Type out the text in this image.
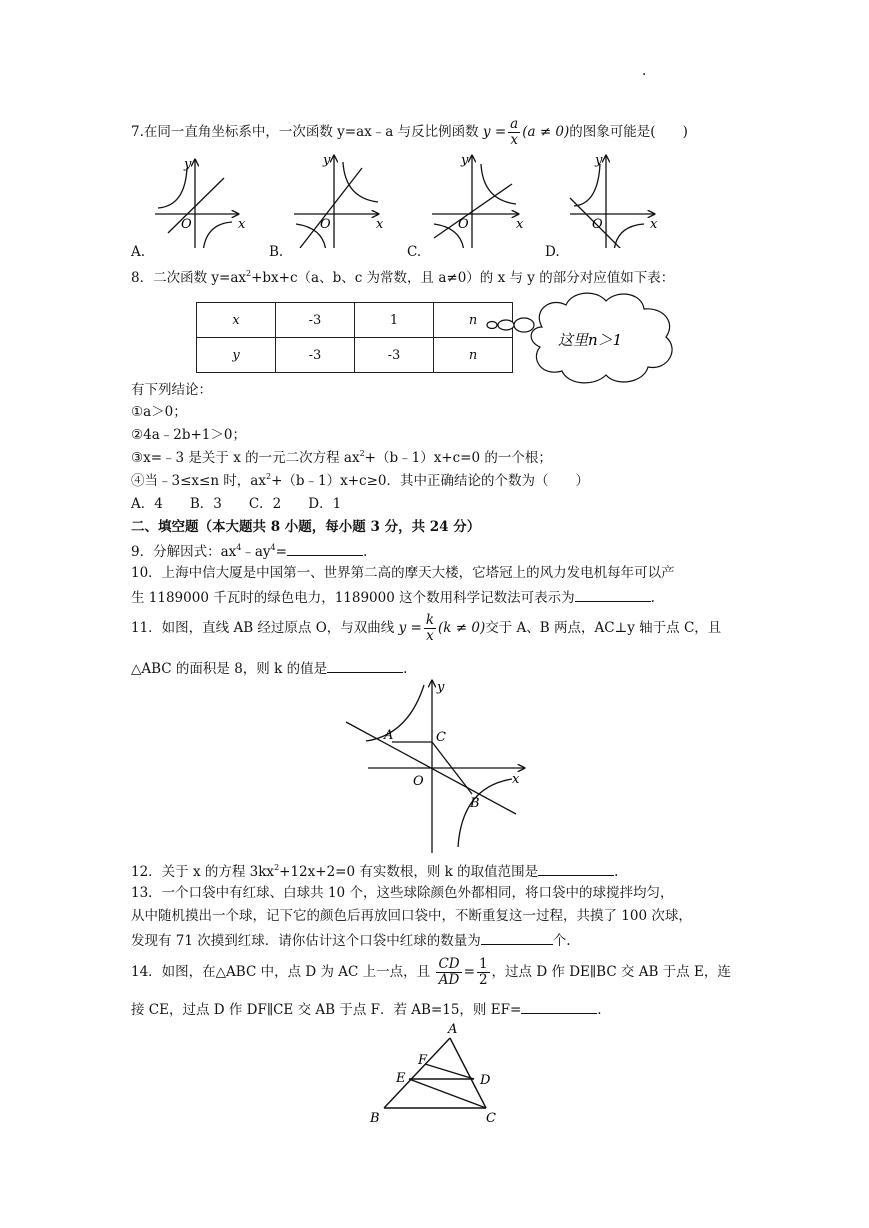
.
7.在同一直角坐标系中，一次函数 y=ax﹣a 与反比例函数 $y = \frac{a}{x} (a \ne 0)$的图象可能是(　　)
y
x
O
y
x
O
y
x
O
y
x
O
A.	B.	C.	D.
8．二次函数 $y=ax^2+bx+c(a$、b、c 为常数，且 a≠0）的 x 与 y 的部分对应值如下表：
x	-3	1	n
y	-3	-3	n
这里n＞1
有下列结论：
①a＞0；
②4a﹣2b+1＞0；
③x=﹣3 是关于 x 的一元二次方程 $ax^2+(b﹣1)x+c=0$ 的一个根；
④当﹣3≤x≤n 时，$ax^2+(b﹣1)x+c\ge 0$．其中正确结论的个数为（　　）
A．4　　B．3　　C．2　　D．1
二、填空题（本大题共 8 小题，每小题 3 分，共 24 分）
9．分解因式：$ax^4﹣ay^4=$	.
10．上海中信大厦是中国第一、世界第二高的摩天大楼，它塔冠上的风力发电机每年可以产
生 1189000 千瓦时的绿色电力，1189000 这个数用科学记数法可表示为	.
11．如图，直线 AB 经过原点 O，与双曲线 $y = \frac{k}{x} (k \ne 0)$交于 A、B 两点，AC⊥y 轴于点 C，且
△ABC 的面积是 8，则 k 的值是	.
y
x
O
A	C
B
12．关于 x 的方程 $3kx^2+12x+2=0$ 有实数根，则 k 的取值范围是	.
13．一个口袋中有红球、白球共 10 个，这些球除颜色外都相同，将口袋中的球搅拌均匀，
从中随机摸出一个球，记下它的颜色后再放回口袋中，不断重复这一过程，共摸了 100 次球，
发现有 71 次摸到红球．请你估计这个口袋中红球的数量为	个.
14．如图，在△ABC 中，点 D 为 AC 上一点，且 $\frac{CD}{AD} = \frac{1}{2}$ ，过点 D 作 DE∥BC 交 AB 于点 E，连
接 CE，过点 D 作 DF∥CE 交 AB 于点 F．若 AB=15，则 EF=	.
A
B	C
D
E
F
